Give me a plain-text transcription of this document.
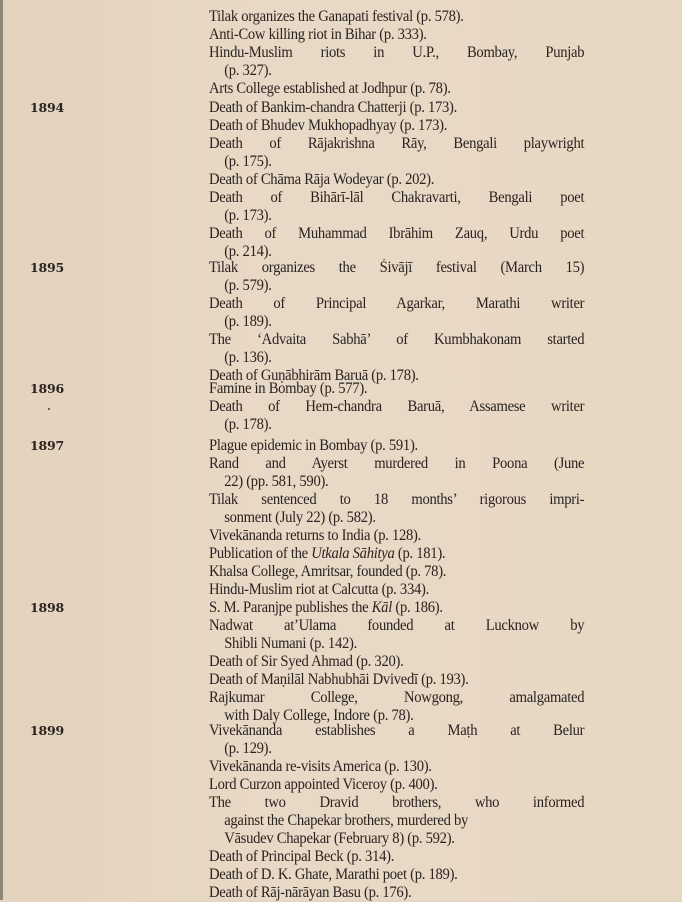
Tilak organizes the Ganapati festival (p. 578).
Anti-Cow killing riot in Bihar (p. 333).
Hindu-Muslim riots in U.P., Bombay, Punjab
(p. 327).
Arts College established at Jodhpur (p. 78).
1894	Death of Bankim-chandra Chatterji (p. 173).
Death of Bhudev Mukhopadhyay (p. 173).
Death of Rājakrishna Rāy, Bengali playwright
(p. 175).
Death of Chāma Rāja Wodeyar (p. 202).
Death of Bihārī-lāl Chakravarti, Bengali poet
(p. 173).
Death of Muhammad Ibrāhim Zauq, Urdu poet
(p. 214).
1895	Tilak organizes the Śivājī festival (March 15)
(p. 579).
Death of Principal Agarkar, Marathi writer
(p. 189).
The ‘Advaita Sabhā’ of Kumbhakonam started
(p. 136).
Death of Guṇābhirām Baruā (p. 178).
1896	Famine in Bombay (p. 577).
Death of Hem-chandra Baruā, Assamese writer
(p. 178).
1897	Plague epidemic in Bombay (p. 591).
Rand and Ayerst murdered in Poona (June
22) (pp. 581, 590).
Tilak sentenced to 18 months’ rigorous impri-
sonment (July 22) (p. 582).
Vivekānanda returns to India (p. 128).
Publication of the Utkala Sāhitya (p. 181).
Khalsa College, Amritsar, founded (p. 78).
Hindu-Muslim riot at Calcutta (p. 334).
1898	S. M. Paranjpe publishes the Kāl (p. 186).
Nadwat at’Ulama founded at Lucknow by
Shibli Numani (p. 142).
Death of Sir Syed Ahmad (p. 320).
Death of Maṇilāl Nabhubhāi Dvivedī (p. 193).
Rajkumar College, Nowgong, amalgamated
with Daly College, Indore (p. 78).
1899	Vivekānanda establishes a Maṭh at Belur
(p. 129).
Vivekānanda re-visits America (p. 130).
Lord Curzon appointed Viceroy (p. 400).
The two Dravid brothers, who informed
against the Chapekar brothers, murdered by
Vāsudev Chapekar (February 8) (p. 592).
Death of Principal Beck (p. 314).
Death of D. K. Ghate, Marathi poet (p. 189).
Death of Rāj-nārāyan Basu (p. 176).
